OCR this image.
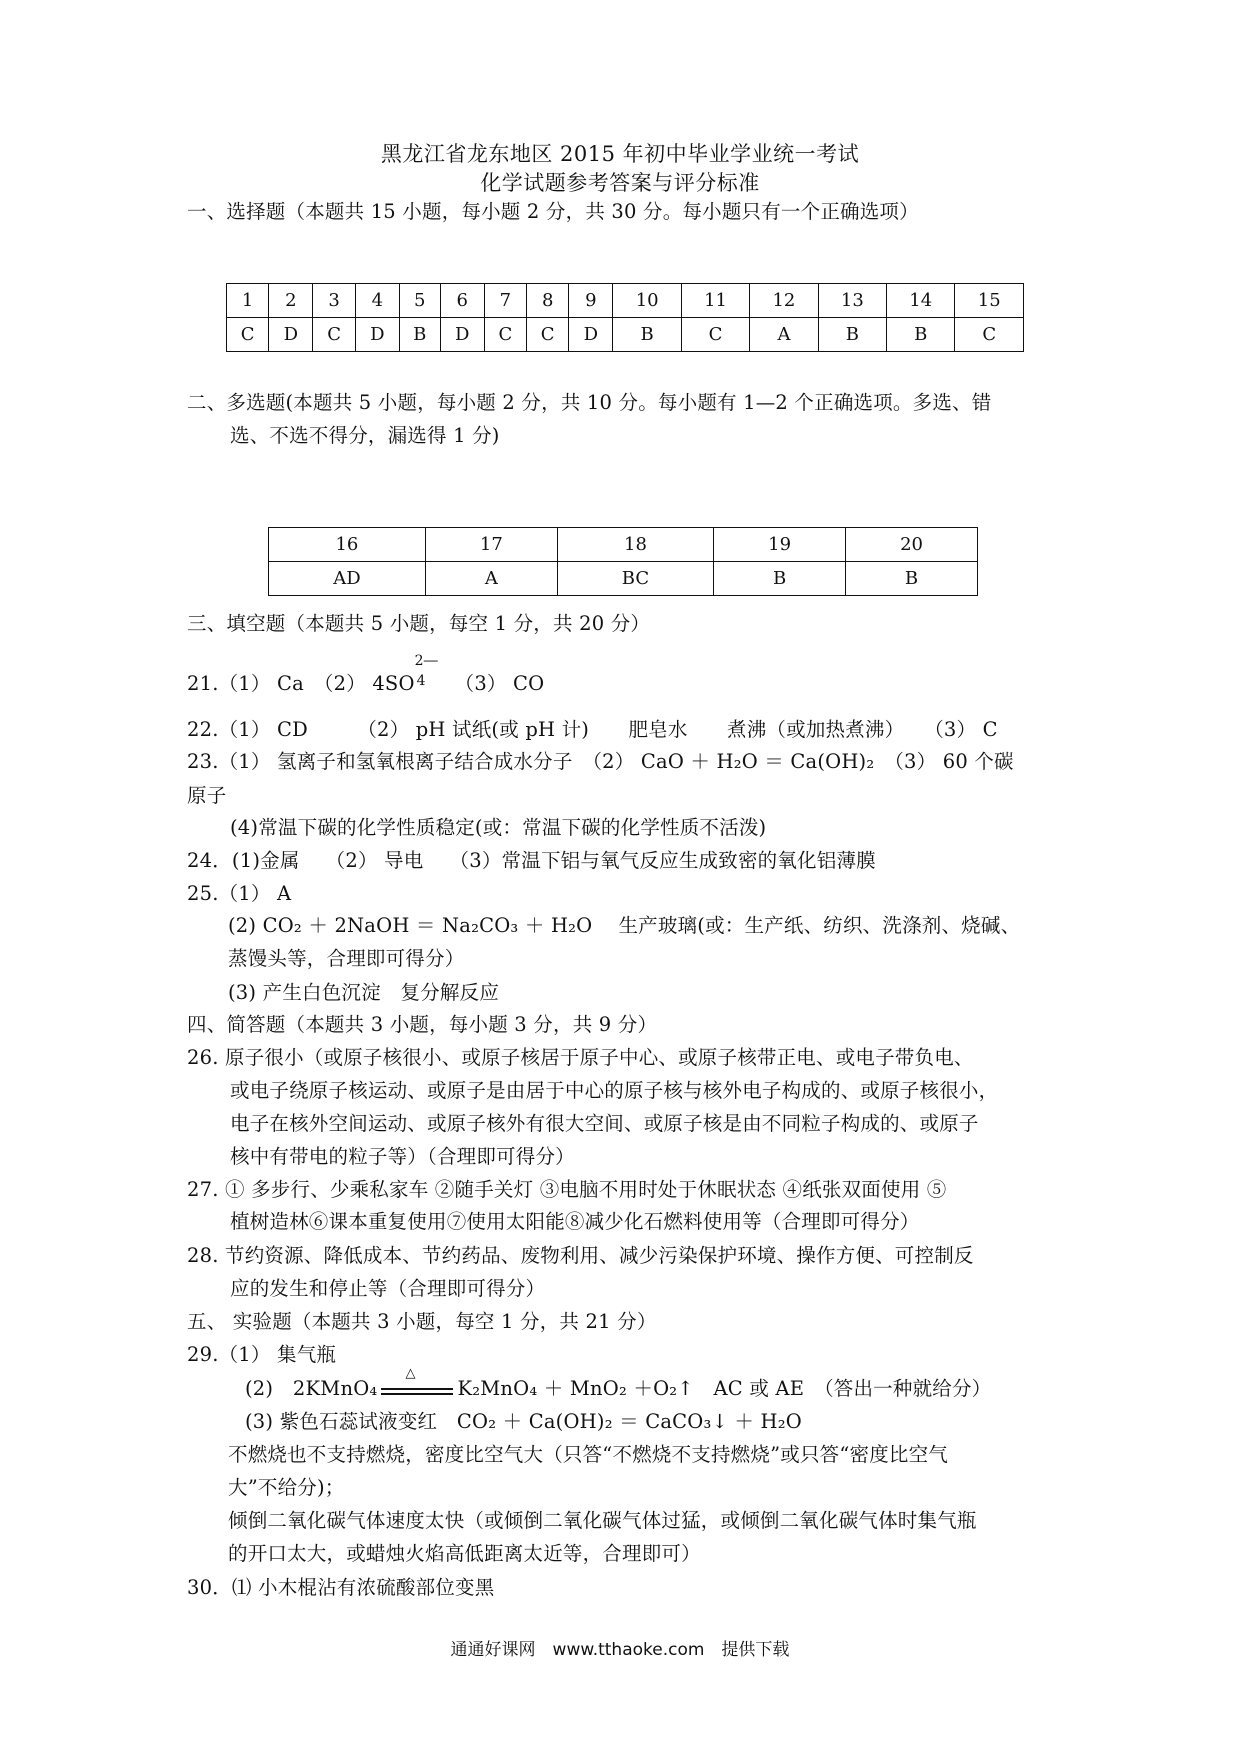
黑龙江省龙东地区 2015 年初中毕业学业统一考试
化学试题参考答案与评分标准
一、选择题（本题共 15 小题，每小题 2 分，共 30 分。每小题只有一个正确选项）
1	2	3	4	5	6	7	8	9	10	11	12	13	14	15
C	D	C	D	B	D	C	C	D	B	C	A	B	B	C
二、多选题(本题共 5 小题，每小题 2 分，共 10 分。每小题有 1—2 个正确选项。多选、错
选、不选不得分，漏选得 1 分)
16	17	18	19	20
AD	A	BC	B	B
三、填空题（本题共 5 小题，每空 1 分，共 20 分）
21.（1） Ca　（2） 4SO
2―
4
　 （3） CO
22.（1） CD　　　（2） pH 试纸(或 pH 计)　　肥皂水　　煮沸（或加热煮沸）　　（3） C
23.（1） 氢离子和氢氧根离子结合成水分子　（2） CaO ＋ H₂O ＝ Ca(OH)₂　（3） 60 个碳
原子
(4)常温下碳的化学性质稳定(或：常温下碳的化学性质不活泼)
24．(1)金属　 （2） 导电　 （3）常温下铝与氧气反应生成致密的氧化铝薄膜
25.（1） A
(2) CO₂ ＋ 2NaOH ＝ Na₂CO₃ ＋ H₂O　 生产玻璃(或：生产纸、纺织、洗涤剂、烧碱、
蒸馒头等，合理即可得分）
(3) 产生白色沉淀　复分解反应
四、简答题（本题共 3 小题，每小题 3 分，共 9 分）
26. 原子很小（或原子核很小、或原子核居于原子中心、或原子核带正电、或电子带负电、
或电子绕原子核运动、或原子是由居于中心的原子核与核外电子构成的、或原子核很小，
电子在核外空间运动、或原子核外有很大空间、或原子核是由不同粒子构成的、或原子
核中有带电的粒子等）（合理即可得分）
27. ① 多步行、少乘私家车 ②随手关灯 ③电脑不用时处于休眠状态 ④纸张双面使用 ⑤
植树造林⑥课本重复使用⑦使用太阳能⑧减少化石燃料使用等（合理即可得分）
28. 节约资源、降低成本、节约药品、废物利用、减少污染保护环境、操作方便、可控制反
应的发生和停止等（合理即可得分）
五、 实验题（本题共 3 小题，每空 1 分，共 21 分）
29.（1） 集气瓶
(2)　2KMnO₄
△
K₂MnO₄ ＋ MnO₂ ＋O₂↑　AC 或 AE　（答出一种就给分）
(3) 紫色石蕊试液变红　CO₂ ＋ Ca(OH)₂ ＝ CaCO₃↓ ＋ H₂O
不燃烧也不支持燃烧，密度比空气大（只答“不燃烧不支持燃烧”或只答“密度比空气
大”不给分)；
倾倒二氧化碳气体速度太快（或倾倒二氧化碳气体过猛，或倾倒二氧化碳气体时集气瓶
的开口太大，或蜡烛火焰高低距离太近等，合理即可）
30．⑴ 小木棍沾有浓硫酸部位变黑
通通好课网　www.tthaoke.com　提供下载
